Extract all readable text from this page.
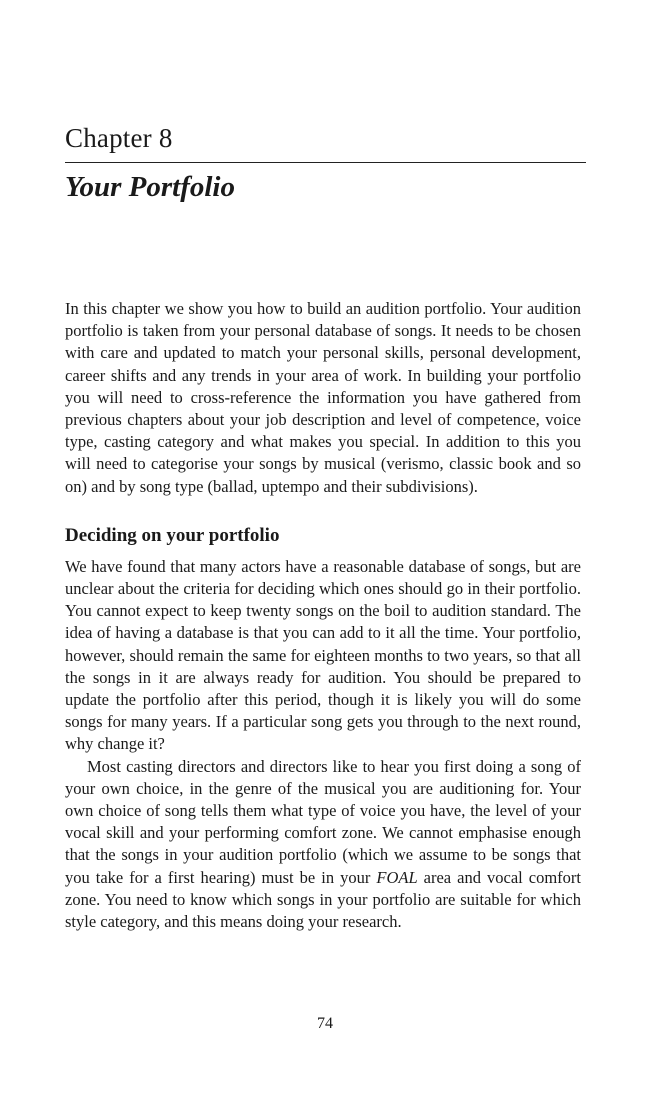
Chapter 8
Your Portfolio

In this chapter we show you how to build an audition portfolio. Your audition portfolio is taken from your personal database of songs. It needs to be chosen with care and updated to match your personal skills, personal development, career shifts and any trends in your area of work. In building your portfolio you will need to cross-reference the information you have gathered from previous chapters about your job description and level of competence, voice type, casting category and what makes you special. In addition to this you will need to categorise your songs by musical (verismo, classic book and so on) and by song type (ballad, uptempo and their subdivisions).

Deciding on your portfolio

We have found that many actors have a reasonable database of songs, but are unclear about the criteria for deciding which ones should go in their portfolio. You cannot expect to keep twenty songs on the boil to audition standard. The idea of having a database is that you can add to it all the time. Your portfolio, however, should remain the same for eighteen months to two years, so that all the songs in it are always ready for audition. You should be prepared to update the portfolio after this period, though it is likely you will do some songs for many years. If a particular song gets you through to the next round, why change it?

Most casting directors and directors like to hear you first doing a song of your own choice, in the genre of the musical you are auditioning for. Your own choice of song tells them what type of voice you have, the level of your vocal skill and your performing comfort zone. We cannot emphasise enough that the songs in your audition portfolio (which we assume to be songs that you take for a first hearing) must be in your FOAL area and vocal comfort zone. You need to know which songs in your portfolio are suitable for which style category, and this means doing your research.

74
